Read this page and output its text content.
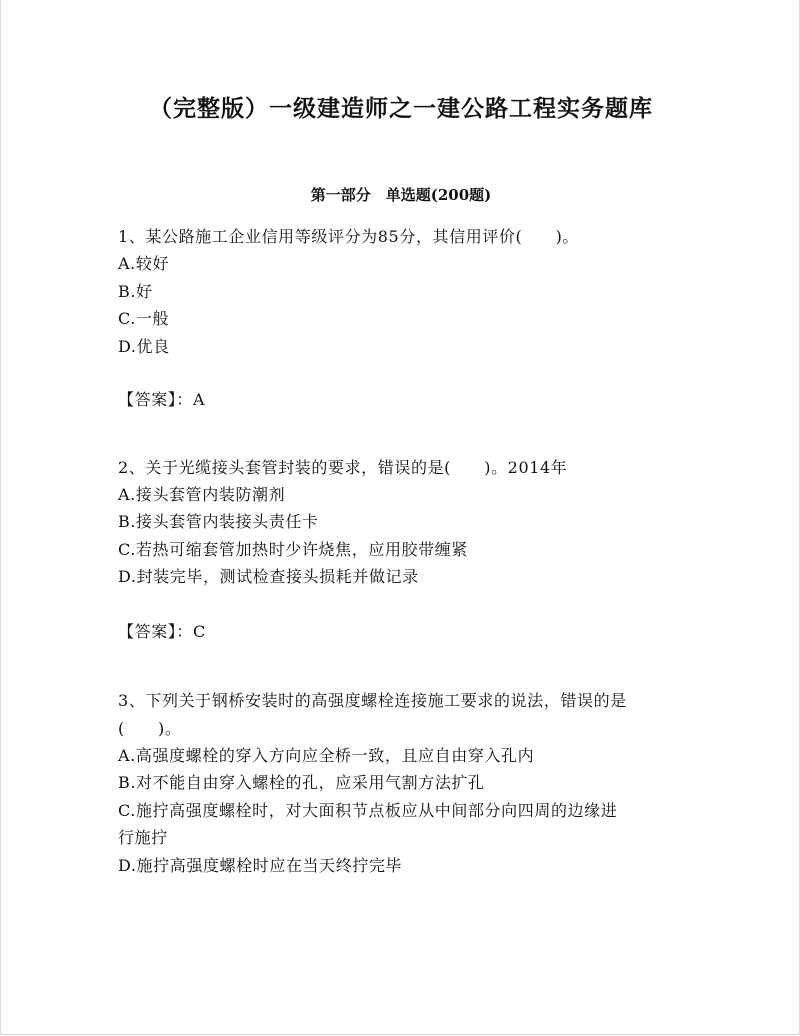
（完整版）一级建造师之一建公路工程实务题库
第一部分　单选题(200题)
1、某公路施工企业信用等级评分为85分，其信用评价(　　)。
A.较好
B.好
C.一般
D.优良
【答案】：A
2、关于光缆接头套管封装的要求，错误的是(　　)。2014年
A.接头套管内装防潮剂
B.接头套管内装接头责任卡
C.若热可缩套管加热时少许烧焦，应用胶带缠紧
D.封装完毕，测试检查接头损耗并做记录
【答案】：C
3、下列关于钢桥安装时的高强度螺栓连接施工要求的说法，错误的是
(　　)。
A.高强度螺栓的穿入方向应全桥一致，且应自由穿入孔内
B.对不能自由穿入螺栓的孔，应采用气割方法扩孔
C.施拧高强度螺栓时，对大面积节点板应从中间部分向四周的边缘进
行施拧
D.施拧高强度螺栓时应在当天终拧完毕
